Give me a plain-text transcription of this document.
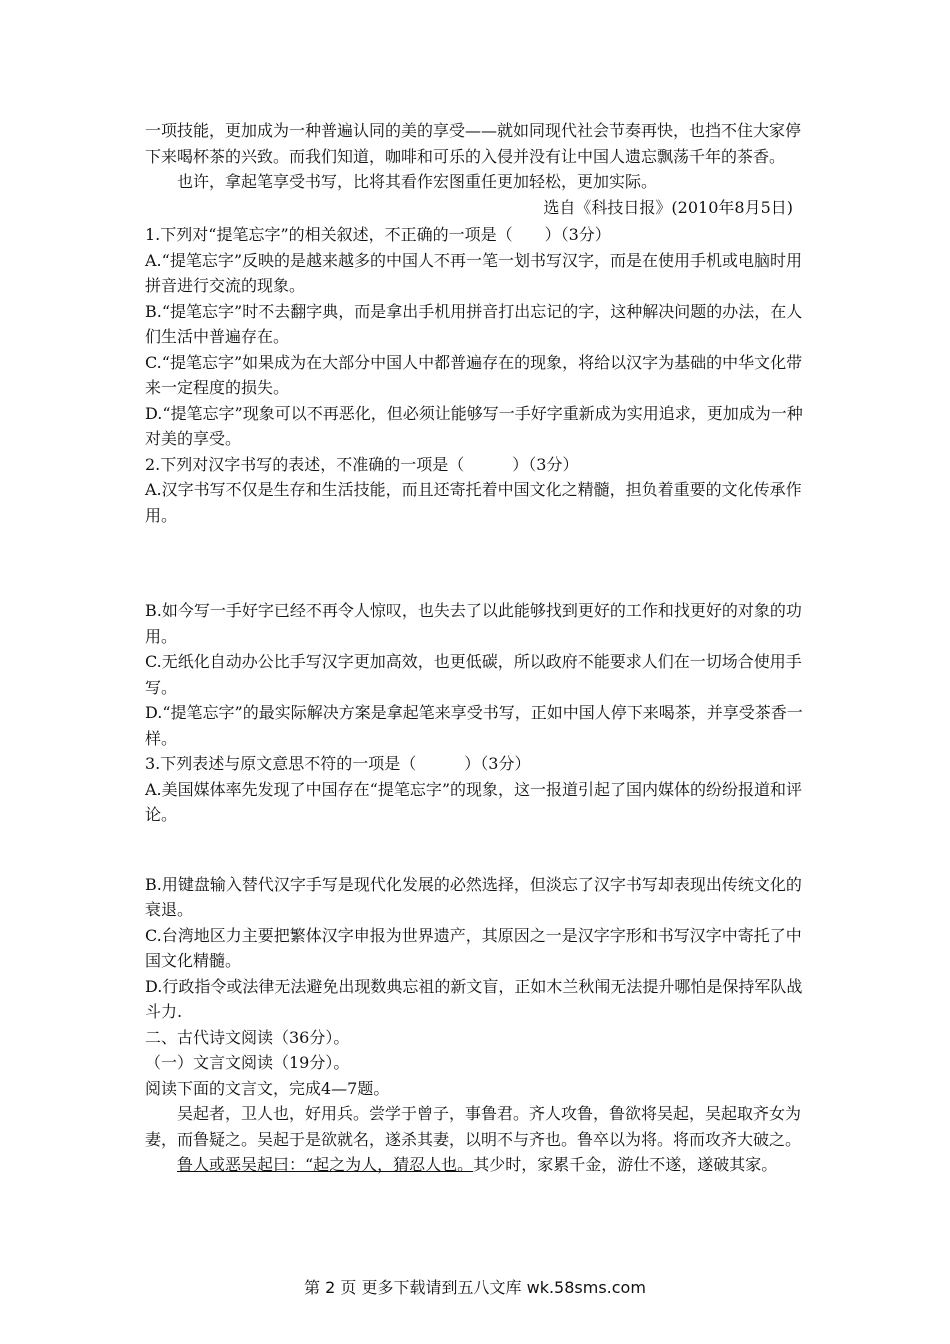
一项技能，更加成为一种普遍认同的美的享受——就如同现代社会节奏再快，也挡不住大家停下来喝杯茶的兴致。而我们知道，咖啡和可乐的入侵并没有让中国人遗忘飘荡千年的茶香。

也许，拿起笔享受书写，比将其看作宏图重任更加轻松，更加实际。

选自《科技日报》(2010年8月5日)

1.下列对“提笔忘字”的相关叙述，不正确的一项是（　　）（3分）

A.“提笔忘字”反映的是越来越多的中国人不再一笔一划书写汉字，而是在使用手机或电脑时用拼音进行交流的现象。

B.“提笔忘字”时不去翻字典，而是拿出手机用拼音打出忘记的字，这种解决问题的办法，在人们生活中普遍存在。

C.“提笔忘字”如果成为在大部分中国人中都普遍存在的现象，将给以汉字为基础的中华文化带来一定程度的损失。

D.“提笔忘字”现象可以不再恶化，但必须让能够写一手好字重新成为实用追求，更加成为一种对美的享受。

2.下列对汉字书写的表述，不准确的一项是（　　　）（3分）

A.汉字书写不仅是生存和生活技能，而且还寄托着中国文化之精髓，担负着重要的文化传承作用。

B.如今写一手好字已经不再令人惊叹，也失去了以此能够找到更好的工作和找更好的对象的功用。

C.无纸化自动办公比手写汉字更加高效，也更低碳，所以政府不能要求人们在一切场合使用手写。

D.“提笔忘字”的最实际解决方案是拿起笔来享受书写，正如中国人停下来喝茶，并享受茶香一样。

3.下列表述与原文意思不符的一项是（　　　）（3分）

A.美国媒体率先发现了中国存在“提笔忘字”的现象，这一报道引起了国内媒体的纷纷报道和评论。

B.用键盘输入替代汉字手写是现代化发展的必然选择，但淡忘了汉字书写却表现出传统文化的衰退。

C.台湾地区力主要把繁体汉字申报为世界遗产，其原因之一是汉字字形和书写汉字中寄托了中国文化精髓。

D.行政指令或法律无法避免出现数典忘祖的新文盲，正如木兰秋闱无法提升哪怕是保持军队战斗力.

二、古代诗文阅读（36分）。

（一）文言文阅读（19分）。

阅读下面的文言文，完成4—7题。

吴起者，卫人也，好用兵。尝学于曾子，事鲁君。齐人攻鲁，鲁欲将吴起，吴起取齐女为妻，而鲁疑之。吴起于是欲就名，遂杀其妻，以明不与齐也。鲁卒以为将。将而攻齐大破之。

鲁人或恶吴起曰：“起之为人，猜忍人也。其少时，家累千金，游仕不遂，遂破其家。

第 2 页 更多下载请到五八文库 wk.58sms.com
